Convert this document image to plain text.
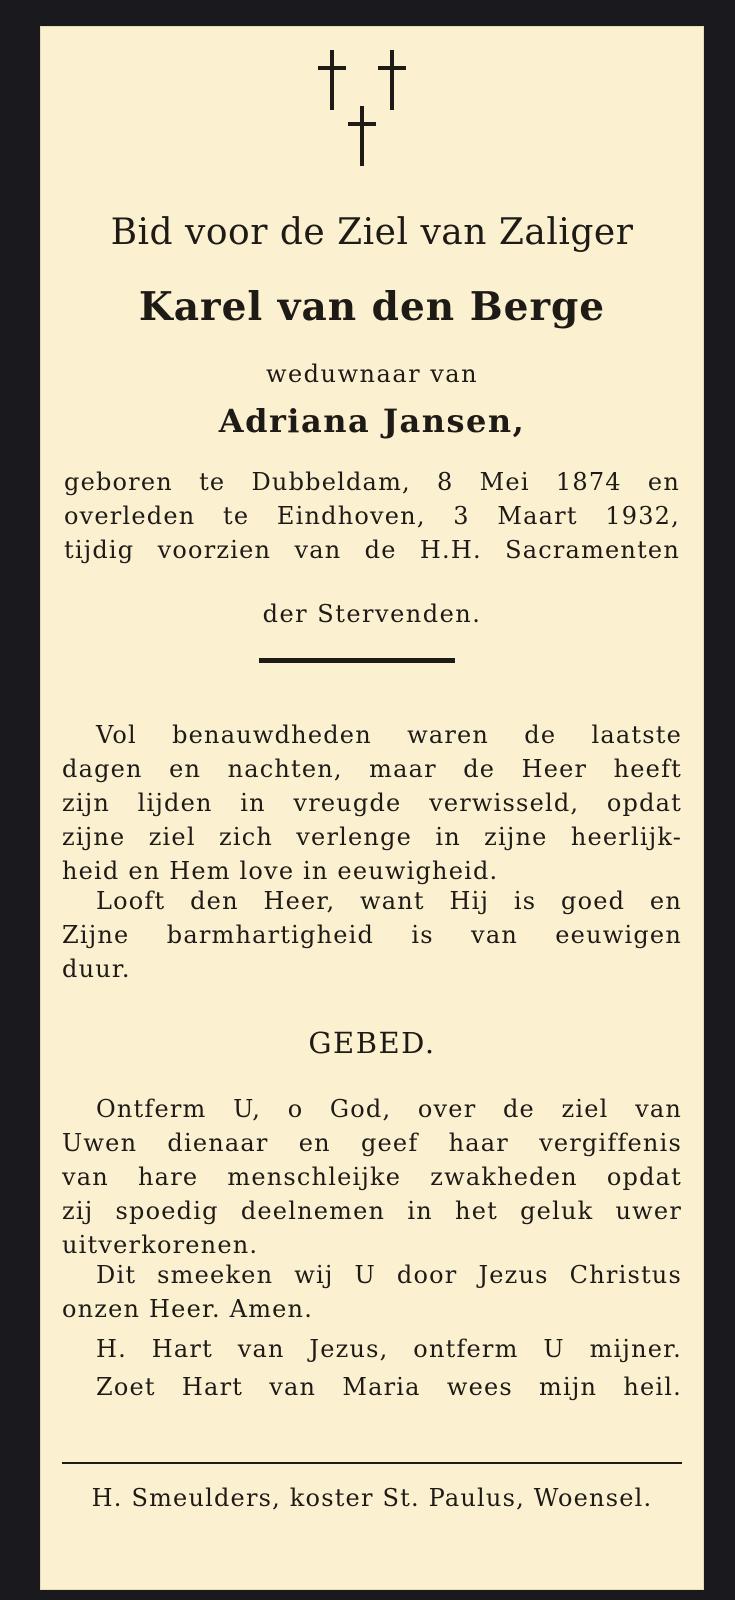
Bid voor de Ziel van Zaliger

Karel van den Berge

weduwnaar van

Adriana Jansen,

geboren te Dubbeldam, 8 Mei 1874 en
overleden te Eindhoven, 3 Maart 1932,
tijdig voorzien van de H.H. Sacramenten

der Stervenden.

Vol benauwdheden waren de laatste
dagen en nachten, maar de Heer heeft
zijn lijden in vreugde verwisseld, opdat
zijne ziel zich verlenge in zijne heerlijk-
heid en Hem love in eeuwigheid.
Looft den Heer, want Hij is goed en
Zijne barmhartigheid is van eeuwigen
duur.

GEBED.

Ontferm U, o God, over de ziel van
Uwen dienaar en geef haar vergiffenis
van hare menschleijke zwakheden opdat
zij spoedig deelnemen in het geluk uwer
uitverkorenen.
Dit smeeken wij U door Jezus Christus
onzen Heer. Amen.
H. Hart van Jezus, ontferm U mijner.
Zoet Hart van Maria wees mijn heil.

H. Smeulders, koster St. Paulus, Woensel.
